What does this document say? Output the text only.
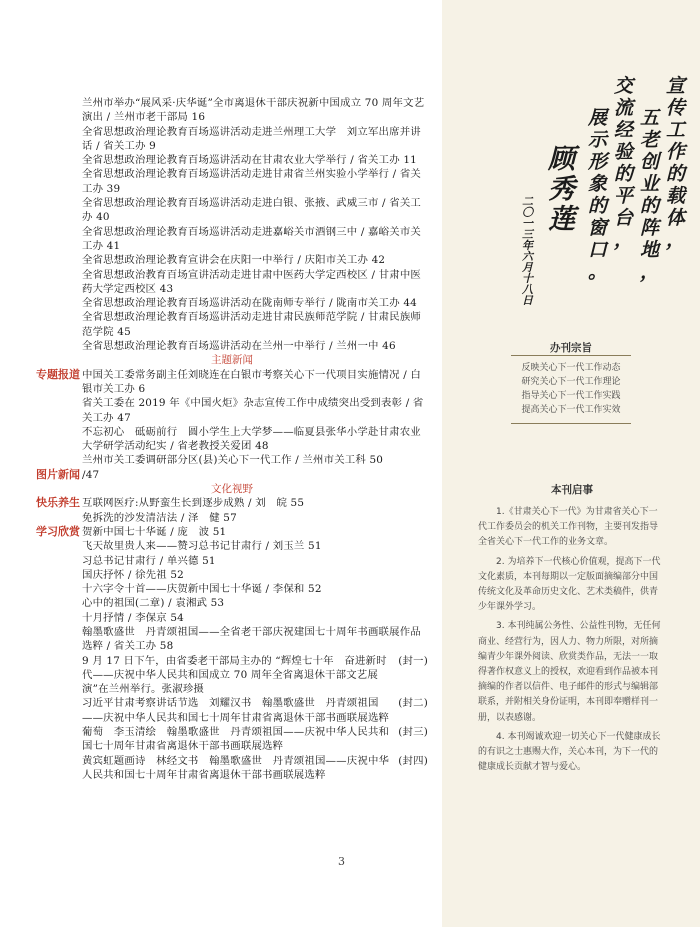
兰州市举办“展风采·庆华诞”全市离退休干部庆祝新中国成立 70 周年文艺演出 / 兰州市老干部局 16
全省思想政治理论教育百场巡讲活动走进兰州理工大学　刘立军出席并讲话 / 省关工办 9
全省思想政治理论教育百场巡讲活动在甘肃农业大学举行 / 省关工办 11
全省思想政治理论教育百场巡讲活动走进甘肃省兰州实验小学举行 / 省关工办 39
全省思想政治理论教育百场巡讲活动走进白银、张掖、武威三市 / 省关工办 40
全省思想政治理论教育百场巡讲活动走进嘉峪关市酒钢三中 / 嘉峪关市关工办 41
全省思想政治理论教育宣讲会在庆阳一中举行 / 庆阳市关工办 42
全省思想政治教育百场宣讲活动走进甘肃中医药大学定西校区 / 甘肃中医药大学定西校区 43
全省思想政治理论教育百场巡讲活动在陇南师专举行 / 陇南市关工办 44
全省思想政治理论教育百场巡讲活动走进甘肃民族师范学院 / 甘肃民族师范学院 45
全省思想政治理论教育百场巡讲活动在兰州一中举行 / 兰州一中 46
主题新闻
专题报道 中国关工委常务副主任刘晓连在白银市考察关心下一代项目实施情况 / 白银市关工办 6
省关工委在 2019 年《中国火炬》杂志宣传工作中成绩突出受到表彰 / 省关工办 47
不忘初心　砥砺前行　圆小学生上大学梦——临夏县张华小学赴甘肃农业大学研学活动纪实 / 省老教授关爱团 48
兰州市关工委调研部分区(县)关心下一代工作 / 兰州市关工科 50
图片新闻 /47
文化视野
快乐养生 互联网医疗:从野蛮生长到逐步成熟 / 刘　皖 55
免拆洗的沙发清洁法 / 泽　健 57
学习欣赏 贺新中国七十华诞 / 庞　波 51
飞天故里贵人来——赞习总书记甘肃行 / 刘玉兰 51
习总书记甘肃行 / 单兴德 51
国庆抒怀 / 徐先祖 52
十六字令十首——庆贺新中国七十华诞 / 李保和 52
心中的祖国(二章) / 袁湘武 53
十月抒情 / 李保京 54
翰墨歌盛世　丹青颂祖国——全省老干部庆祝建国七十周年书画联展作品选粹 / 省关工办 58
9 月 17 日下午，由省委老干部局主办的 “辉煌七十年　奋进新时代——庆祝中华人民共和国成立 70 周年全省离退休干部文艺展演”在兰州举行。张淑珍摄
(封一)
习近平甘肃考察讲话节选　刘耀汉书　翰墨歌盛世　丹青颂祖国——庆祝中华人民共和国七十周年甘肃省离退休干部书画联展选粹
(封二)
葡萄　李玉清绘　翰墨歌盛世　丹青颂祖国——庆祝中华人民共和国七十周年甘肃省离退休干部书画联展选粹
(封三)
黄宾虹题画诗　林经文书　翰墨歌盛世　丹青颂祖国——庆祝中华人民共和国七十周年甘肃省离退休干部书画联展选粹
(封四)
3
宣传工作的载体，
五老创业的阵地，
交流经验的平台，
展示形象的窗口。
顾秀莲
二〇一三年六月十八日
办刊宗旨
反映关心下一代工作动态
研究关心下一代工作理论
指导关心下一代工作实践
提高关心下一代工作实效
本刊启事

1.《甘肃关心下一代》为甘肃省关心下一代工作委员会的机关工作刊物，主要刊发指导全省关心下一代工作的业务文章。

2. 为培养下一代核心价值观，提高下一代文化素质，本刊每期以一定版面摘编部分中国传统文化及革命历史文化、艺术类稿件，供青少年课外学习。

3. 本刊纯属公务性、公益性刊物，无任何商业、经营行为，因人力、物力所限，对所摘编青少年课外阅读、欣赏类作品，无法一一取得著作权意义上的授权，欢迎看到作品被本刊摘编的作者以信件、电子邮件的形式与编辑部联系，并附相关身份证明，本刊即奉赠样刊一册，以表感谢。

4. 本刊竭诚欢迎一切关心下一代健康成长的有识之士惠赐大作，关心本刊，为下一代的健康成长贡献才智与爱心。
